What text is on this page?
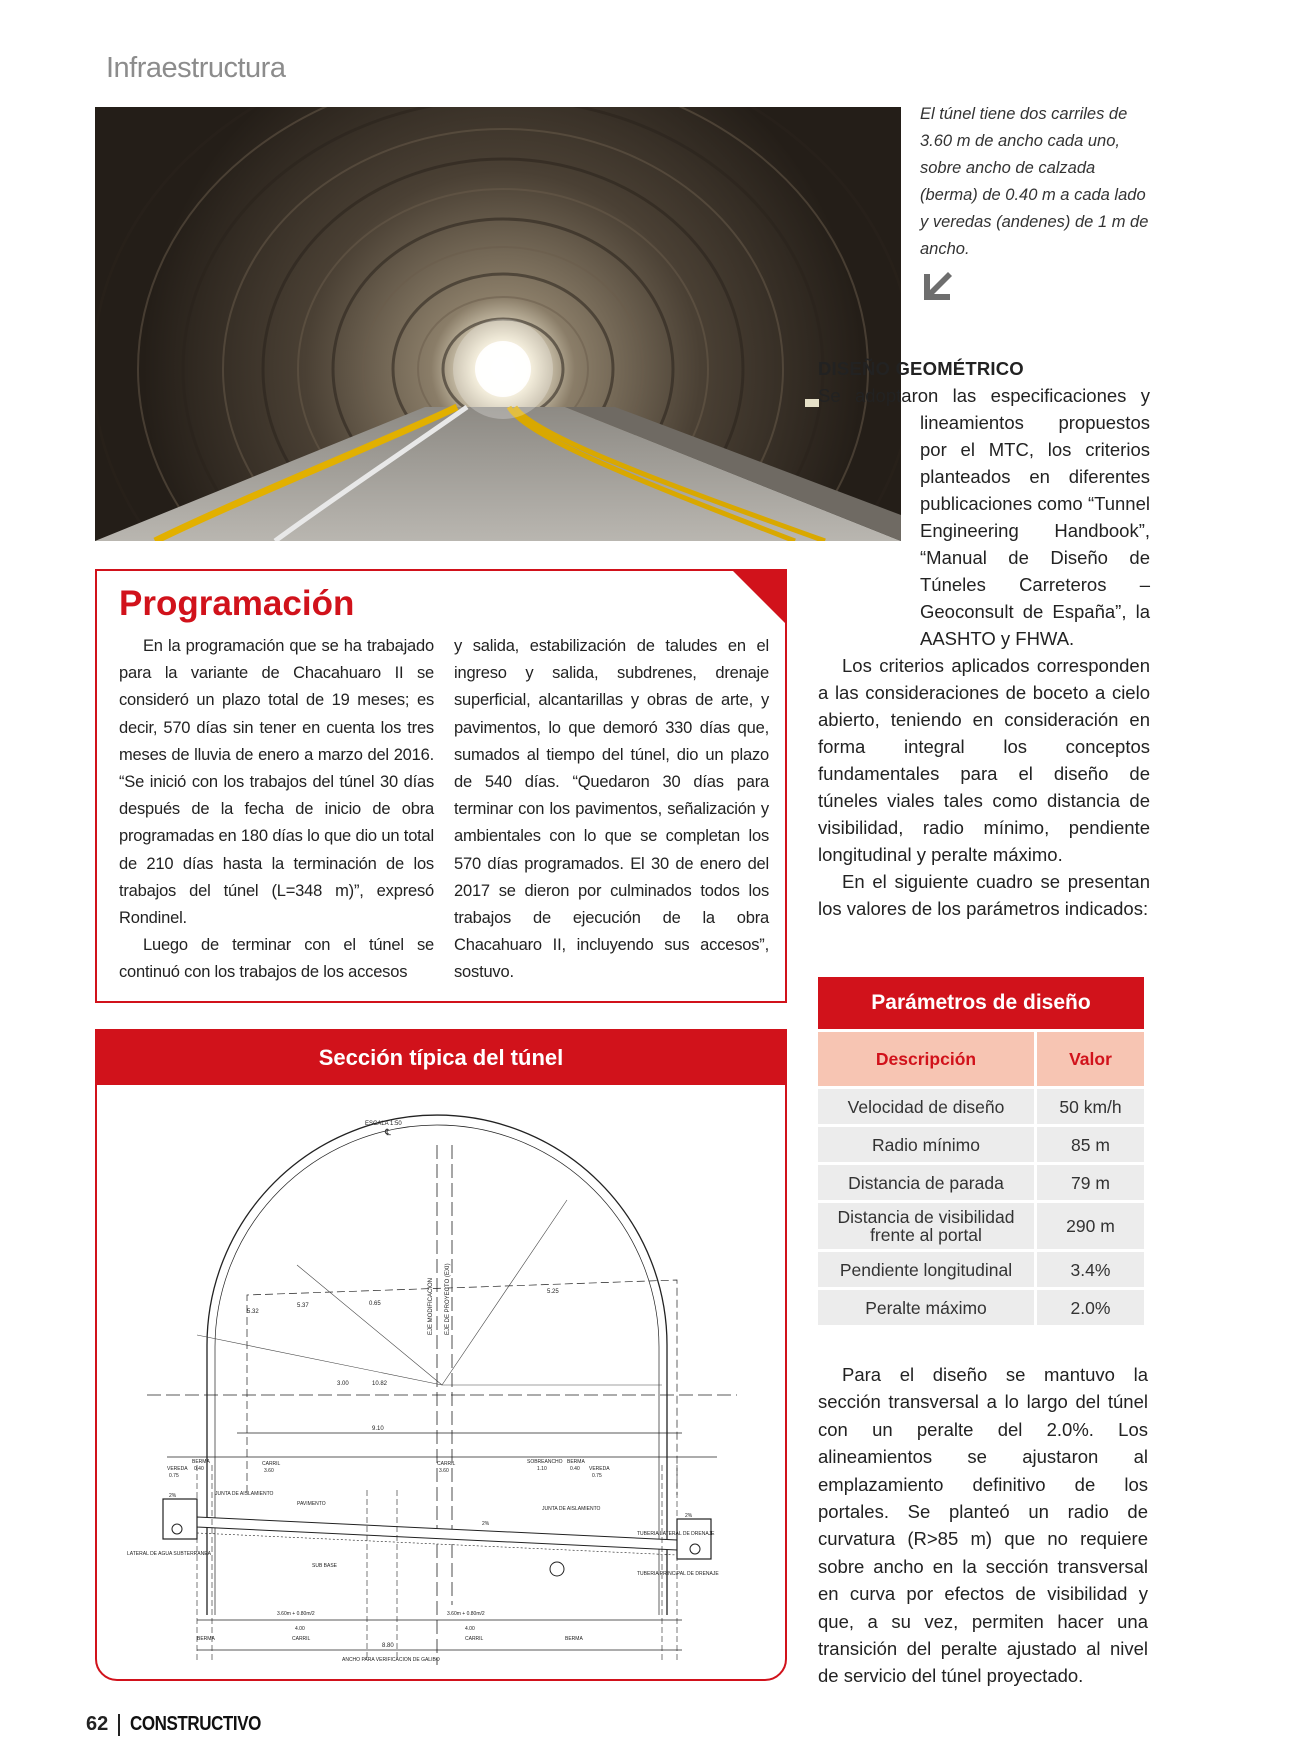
Infraestructura
El túnel tiene dos carriles de 3.60 m de ancho cada uno, sobre ancho de calzada (berma) de 0.40 m a cada lado y veredas (andenes) de 1 m de ancho.
DISEÑO GEOMÉTRICO

Se adoptaron las especificaciones y lineamientos propuestos por el MTC, los criterios planteados en diferentes publicaciones como “Tunnel Engineering Handbook”, “Manual de Diseño de Túneles Carreteros – Geoconsult de España”, la AASHTO y FHWA.

Programación

En la programación que se ha trabajado para la variante de Chacahuaro II se consideró un plazo total de 19 meses; es decir, 570 días sin tener en cuenta los tres meses de lluvia de enero a marzo del 2016. “Se inició con los trabajos del túnel 30 días después de la fecha de inicio de obra programadas en 180 días lo que dio un total de 210 días hasta la terminación de los trabajos del túnel (L=348 m)”, expresó Rondinel.

Luego de terminar con el túnel se continuó con los trabajos de los accesos

y salida, estabilización de taludes en el ingreso y salida, subdrenes, drenaje superficial, alcantarillas y obras de arte, y pavimentos, lo que demoró 330 días que, sumados al tiempo del túnel, dio un plazo de 540 días. “Quedaron 30 días para terminar con los pavimentos, señalización y ambientales con lo que se completan los 570 días programados. El 30 de enero del 2017 se dieron por culminados todos los trabajos de ejecución de la obra Chacahuaro II, incluyendo sus accesos”, sostuvo.

Los criterios aplicados corresponden a las consideraciones de boceto a cielo abierto, teniendo en consideración en forma integral los conceptos fundamentales para el diseño de túneles viales tales como distancia de visibilidad, radio mínimo, pendiente longitudinal y peralte máximo.

En el siguiente cuadro se presentan los valores de los parámetros indicados:

Sección típica del túnel
ESCALA 1:50
℄
EJE MODIFICACION EJE DE PROYECTO (EXI)	5.25
5.32
5.37	0.65
3.00	10.82
9.10
VEREDA
0.75
BERMA
0.40
CARRIL
3.60
CARRIL
3.60
SOBREANCHO
1.10
BERMA
0.40 VEREDA
0.75
2%
2%
2%
PAVIMENTO
JUNTA DE AISLAMIENTO
JUNTA DE AISLAMIENTO
LATERAL DE AGUA SUBTERRANEA
TUBERIA LATERAL DE DRENAJE
TUBERIA PRINCIPAL DE DRENAJE
SUB BASE
3.60m + 0.80m/2
4.00
3.60m + 0.80m/2
4.00
BERMA	CARRIL	CARRIL	BERMA
8.80
ANCHO PARA VERIFICACION DE GALIBO
Parámetros de diseño
Descripción	Valor
Velocidad de diseño	50 km/h
Radio mínimo	85 m
Distancia de parada	79 m
Distancia de visibilidad frente al portal	290 m
Pendiente longitudinal	3.4%
Peralte máximo	2.0%

Para el diseño se mantuvo la sección transversal a lo largo del túnel con un peralte del 2.0%. Los alineamientos se ajustaron al emplazamiento definitivo de los portales. Se planteó un radio de curvatura (R>85 m) que no requiere sobre ancho en la sección transversal en curva por efectos de visibilidad y que, a su vez, permiten hacer una transición del peralte ajustado al nivel de servicio del túnel proyectado.

62 CONSTRUCTIVO
